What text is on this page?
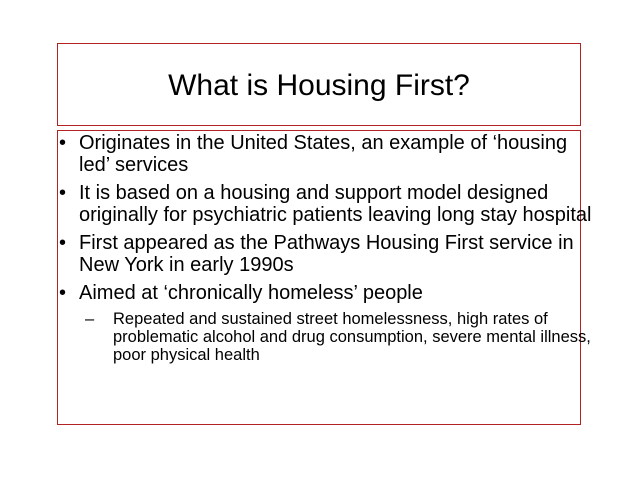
What is Housing First?
• Originates in the United States, an example of ‘housing led’ services
• It is based on a housing and support model designed originally for psychiatric patients leaving long stay hospital
• First appeared as the Pathways Housing First service in New York in early 1990s
• Aimed at ‘chronically homeless’ people
– Repeated and sustained street homelessness, high rates of problematic alcohol and drug consumption, severe mental illness, poor physical health
